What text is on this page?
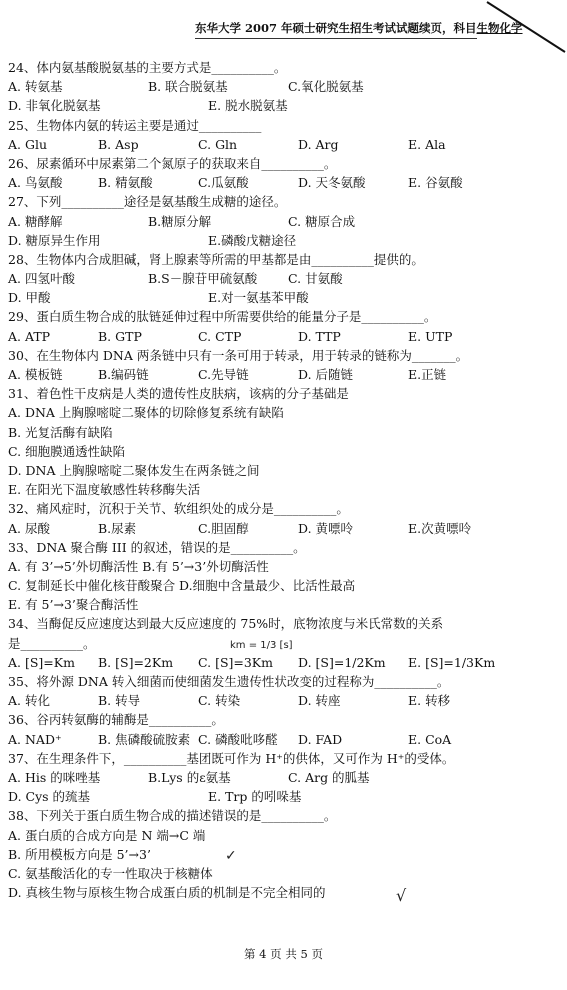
东华大学 2007 年硕士研究生招生考试试题续页，科目生物化学
24、体内氨基酸脱氨基的主要方式是__________。
A. 转氨基	B. 联合脱氨基	C.氧化脱氨基
D. 非氧化脱氨基	E. 脱水脱氨基
25、生物体内氨的转运主要是通过__________
A. Glu	B. Asp	C. Gln	D. Arg	E. Ala
26、尿素循环中尿素第二个氮原子的获取来自__________。
A. 鸟氨酸	B. 精氨酸	C.瓜氨酸	D. 天冬氨酸	E. 谷氨酸
27、下列__________途径是氨基酸生成糖的途径。
A. 糖酵解	B.糖原分解	C. 糖原合成
D. 糖原异生作用	E.磷酸戊糖途径
28、生物体内合成胆碱，肾上腺素等所需的甲基都是由__________提供的。
A. 四氢叶酸	B.S－腺苷甲硫氨酸	C. 甘氨酸
D. 甲酸	E.对一氨基苯甲酸
29、蛋白质生物合成的肽链延伸过程中所需要供给的能量分子是__________。
A. ATP	B. GTP	C. CTP	D. TTP	E. UTP
30、在生物体内 DNA 两条链中只有一条可用于转录，用于转录的链称为_______。
A. 模板链	B.编码链	C.先导链	D. 后随链	E.正链
31、着色性干皮病是人类的遗传性皮肤病，该病的分子基础是
A. DNA 上胸腺嘧啶二聚体的切除修复系统有缺陷
B. 光复活酶有缺陷
C. 细胞膜通透性缺陷
D. DNA 上胸腺嘧啶二聚体发生在两条链之间
E. 在阳光下温度敏感性转移酶失活
32、痛风症时，沉积于关节、软组织处的成分是__________。
A. 尿酸	B.尿素	C.胆固醇	D. 黄嘌呤	E.次黄嘌呤
33、DNA 聚合酶 III 的叙述，错误的是__________。
A. 有 3’→5’外切酶活性 B.有 5’→3’外切酶活性
C. 复制延长中催化核苷酸聚合 D.细胞中含量最少、比活性最高
E. 有 5’→3’聚合酶活性
34、当酶促反应速度达到最大反应速度的 75%时，底物浓度与米氏常数的关系
是__________。
A. [S]=Km	B. [S]=2Km	C. [S]=3Km	D. [S]=1/2Km	E. [S]=1/3Km
35、将外源 DNA 转入细菌而使细菌发生遗传性状改变的过程称为__________。
A. 转化	B. 转导	C. 转染	D. 转座	E. 转移
36、谷丙转氨酶的辅酶是__________。
A. NAD⁺	B. 焦磷酸硫胺素 C. 磷酸吡哆醛	D. FAD	E. CoA
37、在生理条件下，__________基团既可作为 H⁺的供体，又可作为 H⁺的受体。
A. His 的咪唑基	B.Lys 的ε氨基	C. Arg 的胍基
D. Cys 的巯基	E. Trp 的吲哚基
38、下列关于蛋白质生物合成的描述错误的是__________。
A. 蛋白质的合成方向是 N 端→C 端
B. 所用模板方向是 5’→3’
C. 氨基酸活化的专一性取决于核糖体
D. 真核生物与原核生物合成蛋白质的机制是不完全相同的
km = 1/3 [s]
✓
√
第 4 页 共 5 页
